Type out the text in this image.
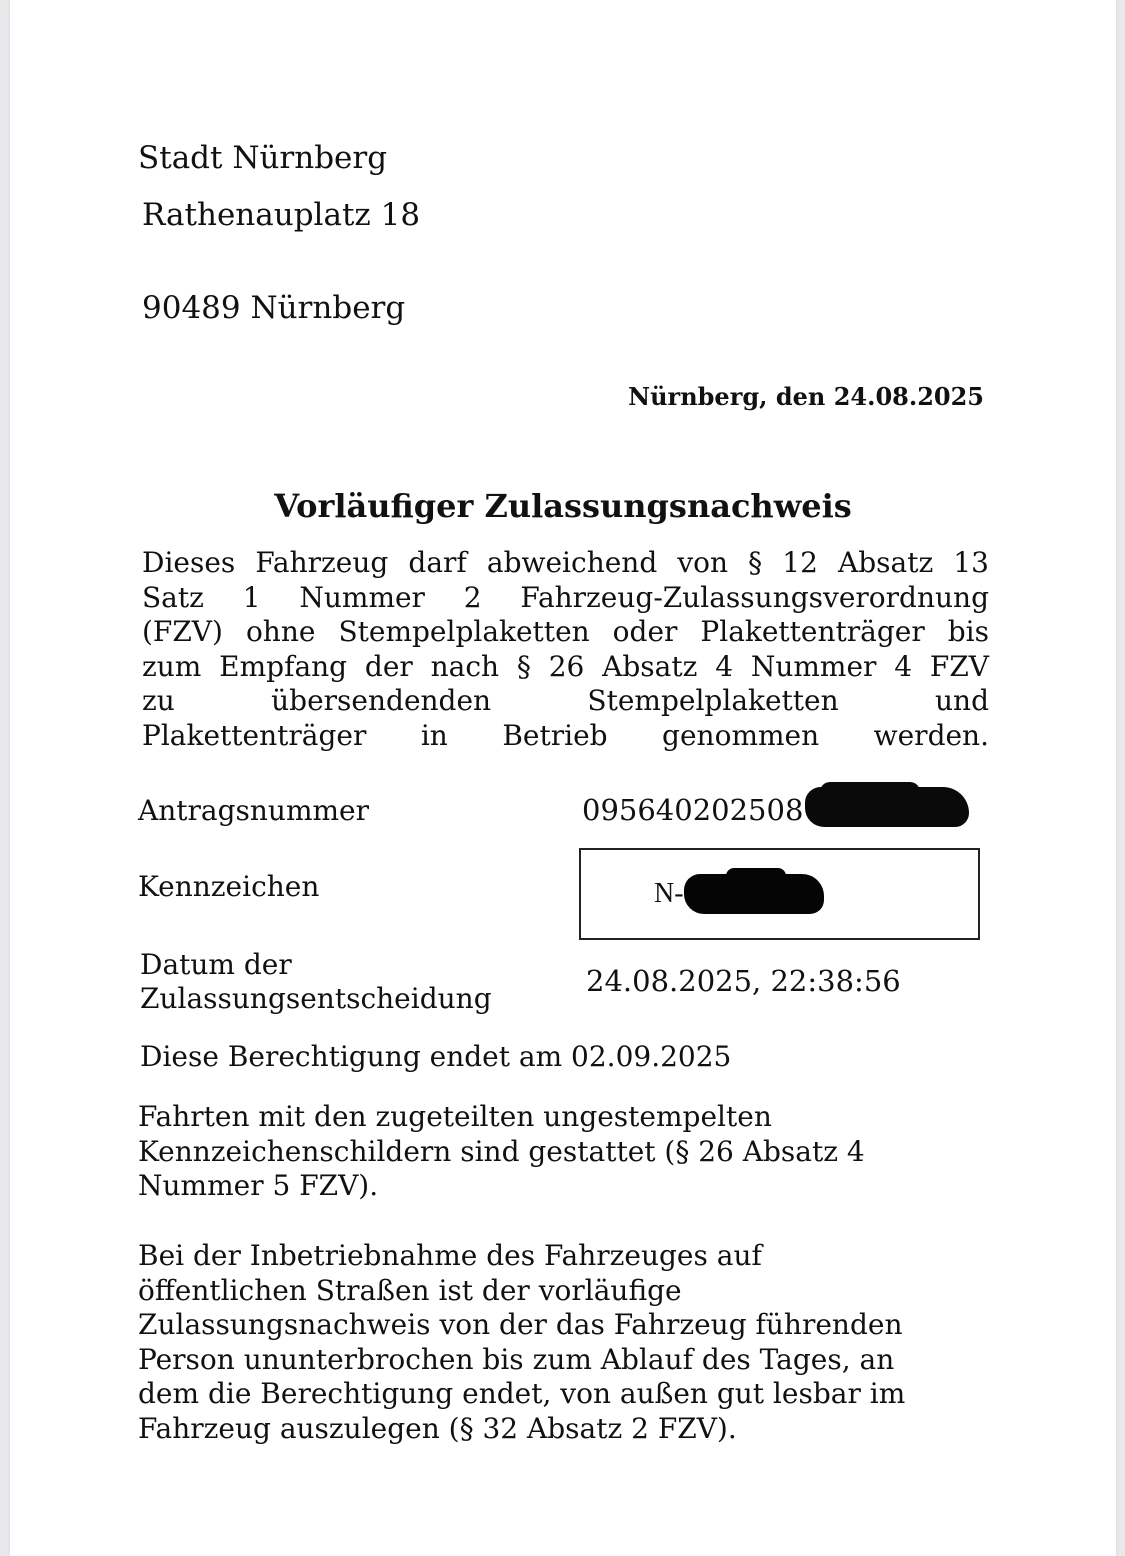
Stadt Nürnberg
Rathenauplatz 18
90489 Nürnberg
Nürnberg, den 24.08.2025
Vorläufiger Zulassungsnachweis
Dieses Fahrzeug darf abweichend von § 12 Absatz 13
Satz 1 Nummer 2 Fahrzeug-Zulassungsverordnung
(FZV) ohne Stempelplaketten oder Plakettenträger bis
zum Empfang der nach § 26 Absatz 4 Nummer 4 FZV
zu übersendenden Stempelplaketten und
Plakettenträger in Betrieb genommen werden.
Antragsnummer	095640202508
Kennzeichen	N-
Datum der
Zulassungsentscheidung
24.08.2025, 22:38:56
Diese Berechtigung endet am 02.09.2025
Fahrten mit den zugeteilten ungestempelten
Kennzeichenschildern sind gestattet (§ 26 Absatz 4
Nummer 5 FZV).
Bei der Inbetriebnahme des Fahrzeuges auf
öffentlichen Straßen ist der vorläufige
Zulassungsnachweis von der das Fahrzeug führenden
Person ununterbrochen bis zum Ablauf des Tages, an
dem die Berechtigung endet, von außen gut lesbar im
Fahrzeug auszulegen (§ 32 Absatz 2 FZV).
